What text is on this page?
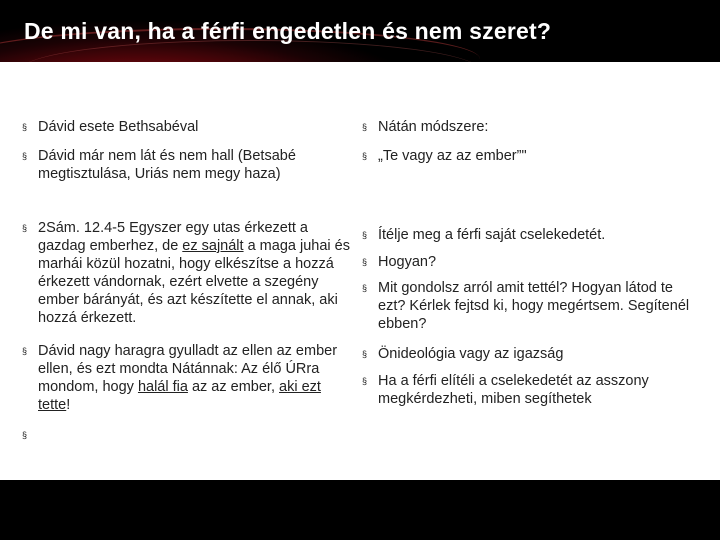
De mi van, ha a férfi engedetlen és nem szeret?
§ Dávid esete Bethsabéval
§ Dávid már nem lát és nem hall (Betsabé megtisztulása, Uriás nem megy haza)
§ 2Sám. 12.4-5 Egyszer egy utas érkezett a gazdag emberhez, de ez sajnált a maga juhai és marhái közül hozatni, hogy elkészítse a hozzá érkezett vándornak, ezért elvette a szegény ember bárányát, és azt készítette el annak, aki hozzá érkezett.
§ Dávid nagy haragra gyulladt az ellen az ember ellen, és ezt mondta Nátánnak: Az élő ÚRra mondom, hogy halál fia az az ember, aki ezt tette!
§
§ Nátán módszere:
§ „Te vagy az az ember”"
§ Ítélje meg a férfi saját cselekedetét.
§ Hogyan?
§ Mit gondolsz arról amit tettél? Hogyan látod te ezt? Kérlek fejtsd ki, hogy megértsem. Segítenél ebben?
§ Önideológia vagy az igazság
§ Ha a férfi elítéli a cselekedetét az asszony megkérdezheti, miben segíthetek
